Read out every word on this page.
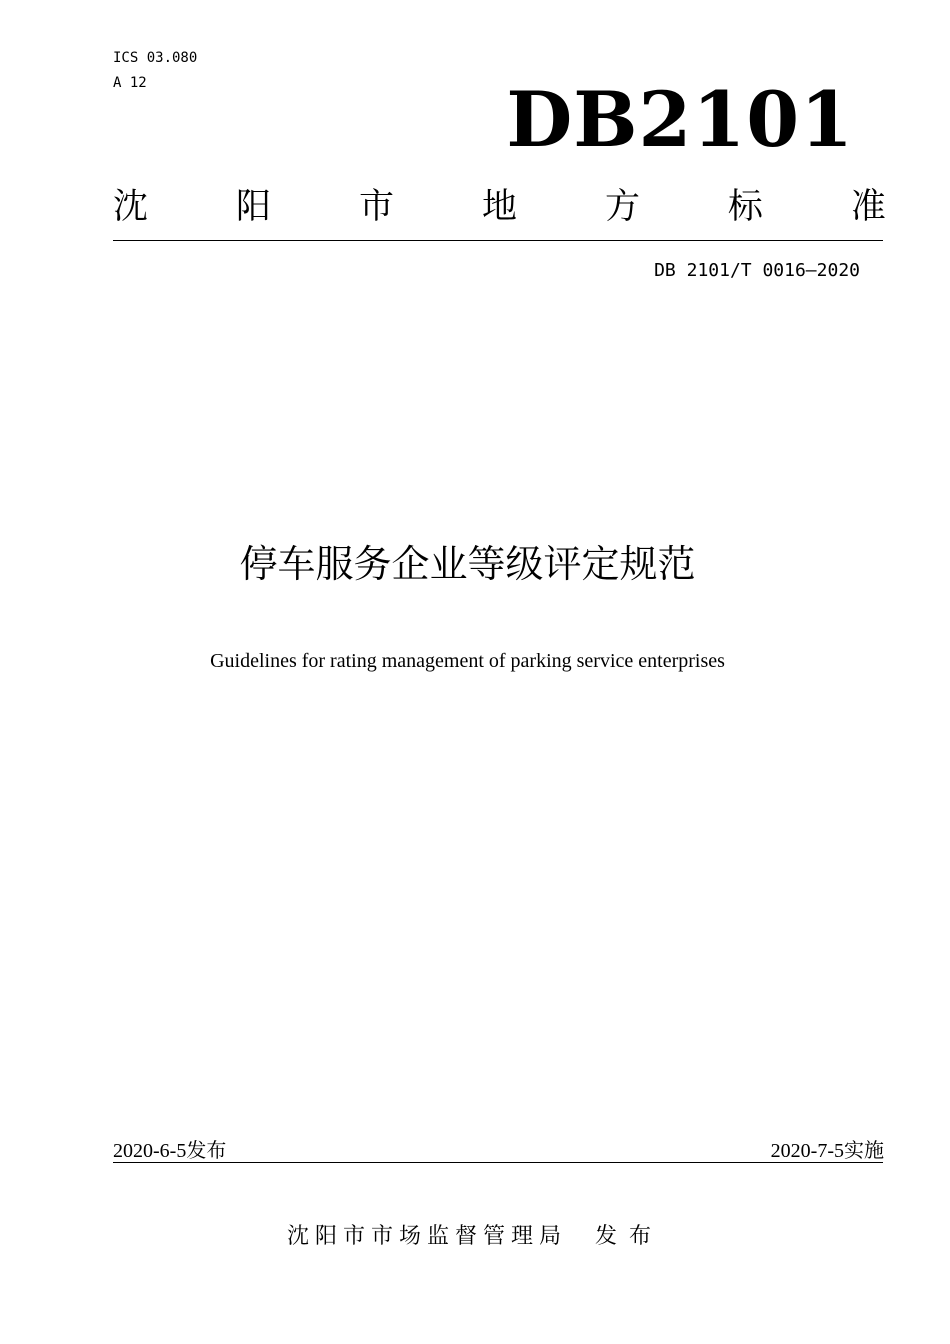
ICS 03.080
A 12	DB2101
沈	阳	市	地	方	标	准
DB 2101/T 0016—2020
停车服务企业等级评定规范
Guidelines for rating management of parking service enterprises
2020-6-5发布	2020-7-5实施
沈阳市市场监督管理局 发布
